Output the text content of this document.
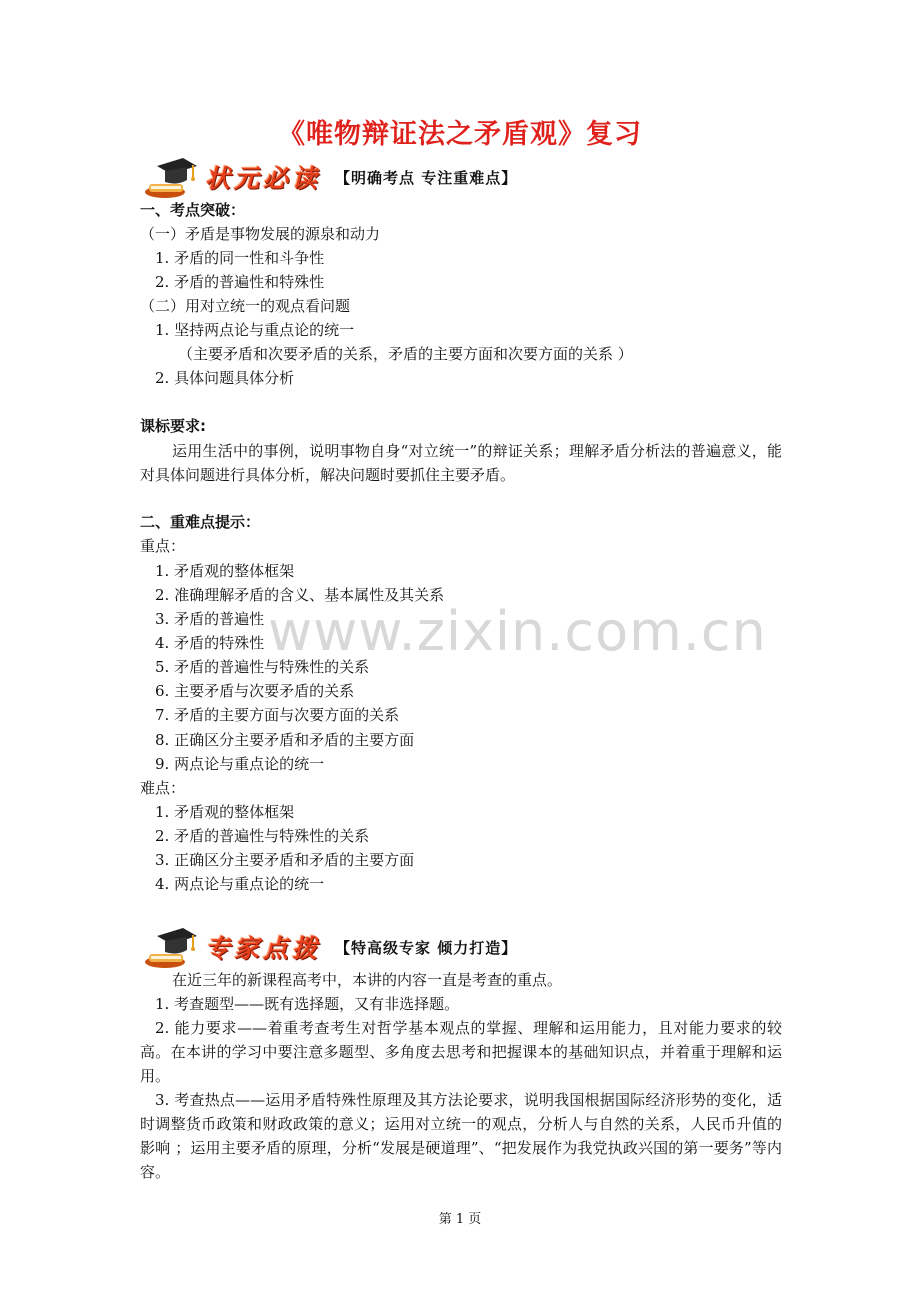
《唯物辩证法之矛盾观》复习
状元必读 【明确考点 专注重难点】
一、考点突破：
（一）矛盾是事物发展的源泉和动力
1. 矛盾的同一性和斗争性
2. 矛盾的普遍性和特殊性
（二）用对立统一的观点看问题
1. 坚持两点论与重点论的统一
（主要矛盾和次要矛盾的关系，矛盾的主要方面和次要方面的关系 ）
2. 具体问题具体分析
课标要求:
运用生活中的事例，说明事物自身“对立统一”的辩证关系；理解矛盾分析法的普遍意义，能对具体问题进行具体分析，解决问题时要抓住主要矛盾。
二、重难点提示：
重点：
1. 矛盾观的整体框架
2. 准确理解矛盾的含义、基本属性及其关系
3. 矛盾的普遍性
4. 矛盾的特殊性
5. 矛盾的普遍性与特殊性的关系
6. 主要矛盾与次要矛盾的关系
7. 矛盾的主要方面与次要方面的关系
8. 正确区分主要矛盾和矛盾的主要方面
9. 两点论与重点论的统一
难点：
1. 矛盾观的整体框架
2. 矛盾的普遍性与特殊性的关系
3. 正确区分主要矛盾和矛盾的主要方面
4. 两点论与重点论的统一
专家点拨 【特高级专家 倾力打造】
在近三年的新课程高考中，本讲的内容一直是考查的重点。
1. 考查题型——既有选择题，又有非选择题。
2. 能力要求——着重考查考生对哲学基本观点的掌握、理解和运用能力，且对能力要求的较高。在本讲的学习中要注意多题型、多角度去思考和把握课本的基础知识点，并着重于理解和运用。
3. 考查热点——运用矛盾特殊性原理及其方法论要求，说明我国根据国际经济形势的变化，适时调整货币政策和财政政策的意义；运用对立统一的观点，分析人与自然的关系，人民币升值的影响 ；运用主要矛盾的原理，分析“发展是硬道理”、“把发展作为我党执政兴国的第一要务”等内容。
www.zixin.com.cn
第 1 页
